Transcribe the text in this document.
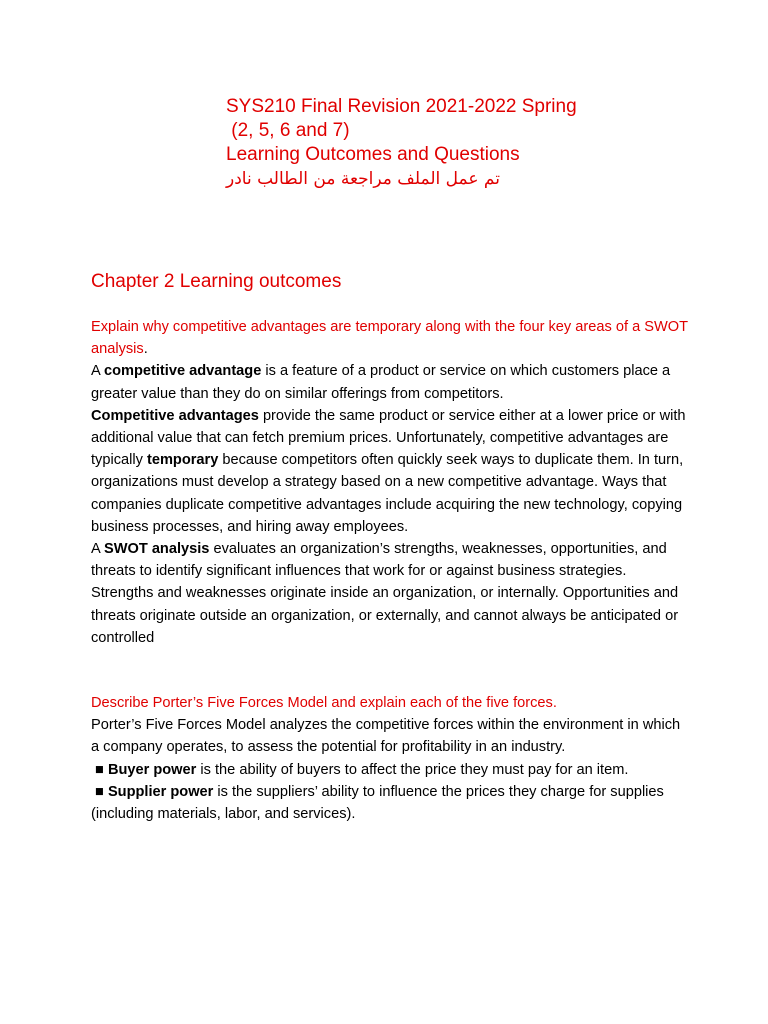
SYS210 Final Revision 2021-2022 Spring
(2, 5, 6 and 7)
Learning Outcomes and Questions
تم عمل الملف مراجعة من الطالب نادر
Chapter 2 Learning outcomes

Explain why competitive advantages are temporary along with the four key areas of a SWOT analysis.

A competitive advantage is a feature of a product or service on which customers place a greater value than they do on similar offerings from competitors.

Competitive advantages provide the same product or service either at a lower price or with additional value that can fetch premium prices. Unfortunately, competitive advantages are typically temporary because competitors often quickly seek ways to duplicate them. In turn, organizations must develop a strategy based on a new competitive advantage. Ways that companies duplicate competitive advantages include acquiring the new technology, copying business processes, and hiring away employees.

A SWOT analysis evaluates an organization’s strengths, weaknesses, opportunities, and threats to identify significant influences that work for or against business strategies. Strengths and weaknesses originate inside an organization, or internally. Opportunities and threats originate outside an organization, or externally, and cannot always be anticipated or controlled

Describe Porter’s Five Forces Model and explain each of the five forces.

Porter’s Five Forces Model analyzes the competitive forces within the environment in which a company operates, to assess the potential for profitability in an industry.

■ Buyer power is the ability of buyers to affect the price they must pay for an item.

■ Supplier power is the suppliers’ ability to influence the prices they charge for supplies (including materials, labor, and services).
